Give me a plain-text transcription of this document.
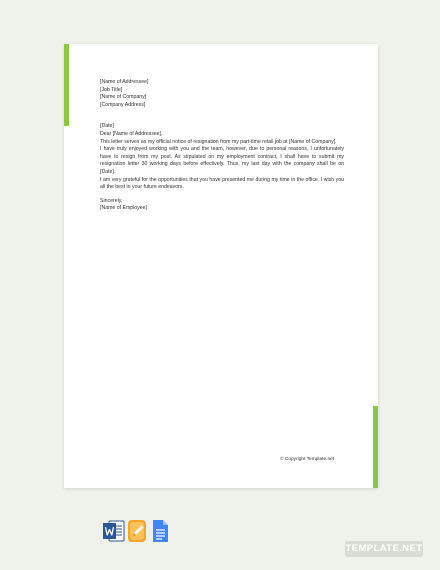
[Name of Addressee]

[Job Title]

[Name of Company]

[Company Address]

[Date]

Dear [Name of Addressee],

This letter serves as my official notice of resignation from my part-time retail job at [Name of Company].

I have truly enjoyed working with you and the team, however, due to personal reasons, I unfortunately have to resign from my post. As stipulated on my employment contract, I shall have to submit my resignation letter 30 working days before effectively. Thus, my last day with the company shall be on [Date].

I am very grateful for the opportunities that you have presented me during my time in the office. I wish you all the best in your future endeavors.

Sincerely,

[Name of Employee]

© Copyright Template.net
TEMPLATE.NET
